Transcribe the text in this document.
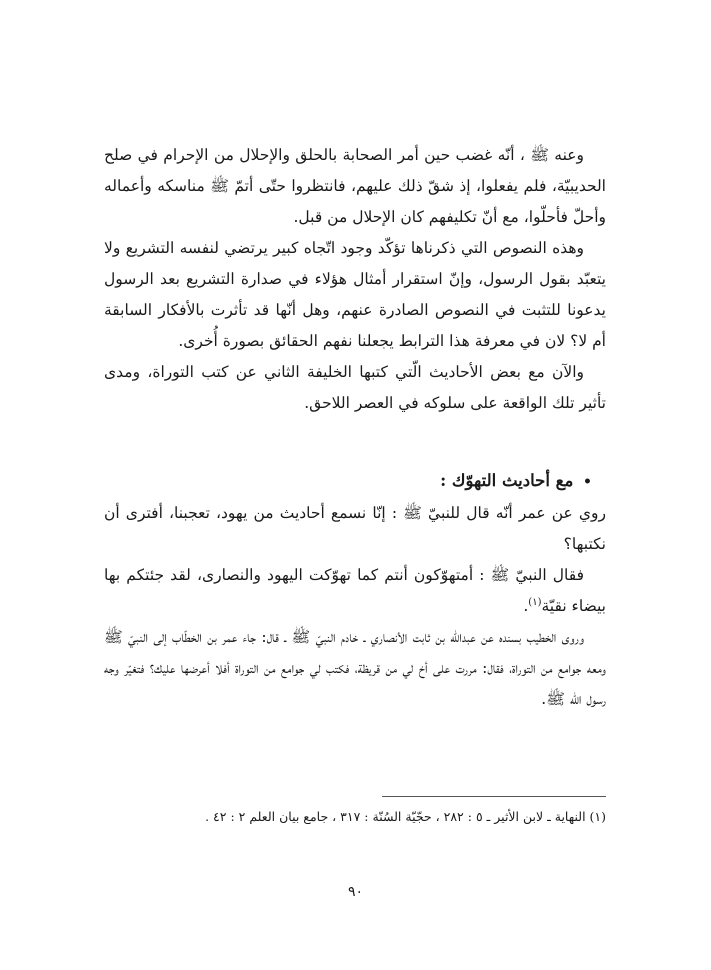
وعنه ﷺ ، أنّه غضب حين أمر الصحابة بالحلق والإحلال من الإحرام في صلح الحديبيّة، فلم يفعلوا، إذ شقّ ذلك عليهم، فانتظروا حتّى أتمّ ﷺ مناسكه وأعماله وأحلّ فأحلّوا، مع أنّ تكليفهم كان الإحلال من قبل.

وهذه النصوص التي ذكرناها تؤكّد وجود اتّجاه كبير يرتضي لنفسه التشريع ولا يتعبّد بقول الرسول، وإنّ استقرار أمثال هؤلاء في صدارة التشريع بعد الرسول يدعونا للتثبت في النصوص الصادرة عنهم، وهل أنّها قد تأثرت بالأفكار السابقة أم لا؟ لان في معرفة هذا الترابط يجعلنا نفهم الحقائق بصورة أُخرى.

والآن مع بعض الأحاديث الّتي كتبها الخليفة الثاني عن كتب التوراة، ومدى تأثير تلك الواقعة على سلوكه في العصر اللاحق.

• مع أحاديث التهوّك :

روي عن عمر أنّه قال للنبيّ ﷺ : إنّا نسمع أحاديث من يهود، تعجبنا، أفترى أن نكتبها؟

فقال النبيّ ﷺ : أمتهوّكون أنتم كما تهوّكت اليهود والنصارى، لقد جئتكم بها بيضاء نقيّة$^{(١)}$.

وروى الخطيب بسنده عن عبدالله بن ثابت الأنصاري ـ خادم النبيّ ﷺ ـ قال: جاء عمر بن الخطّاب إلى النبيّ ﷺ ومعه جوامع من التوراة، فقال: مررت على أخ لي من قريظة، فكتب لي جوامع من التوراة أفلا أعرضها عليك؟ فتغيّر وجه رسول الله ﷺ.

(١) النهاية ـ لابن الأثير ـ ٥ : ٢٨٢ ، حجّيّة السُنّة : ٣١٧ ، جامع بيان العلم ٢ : ٤٢ .
٩٠
